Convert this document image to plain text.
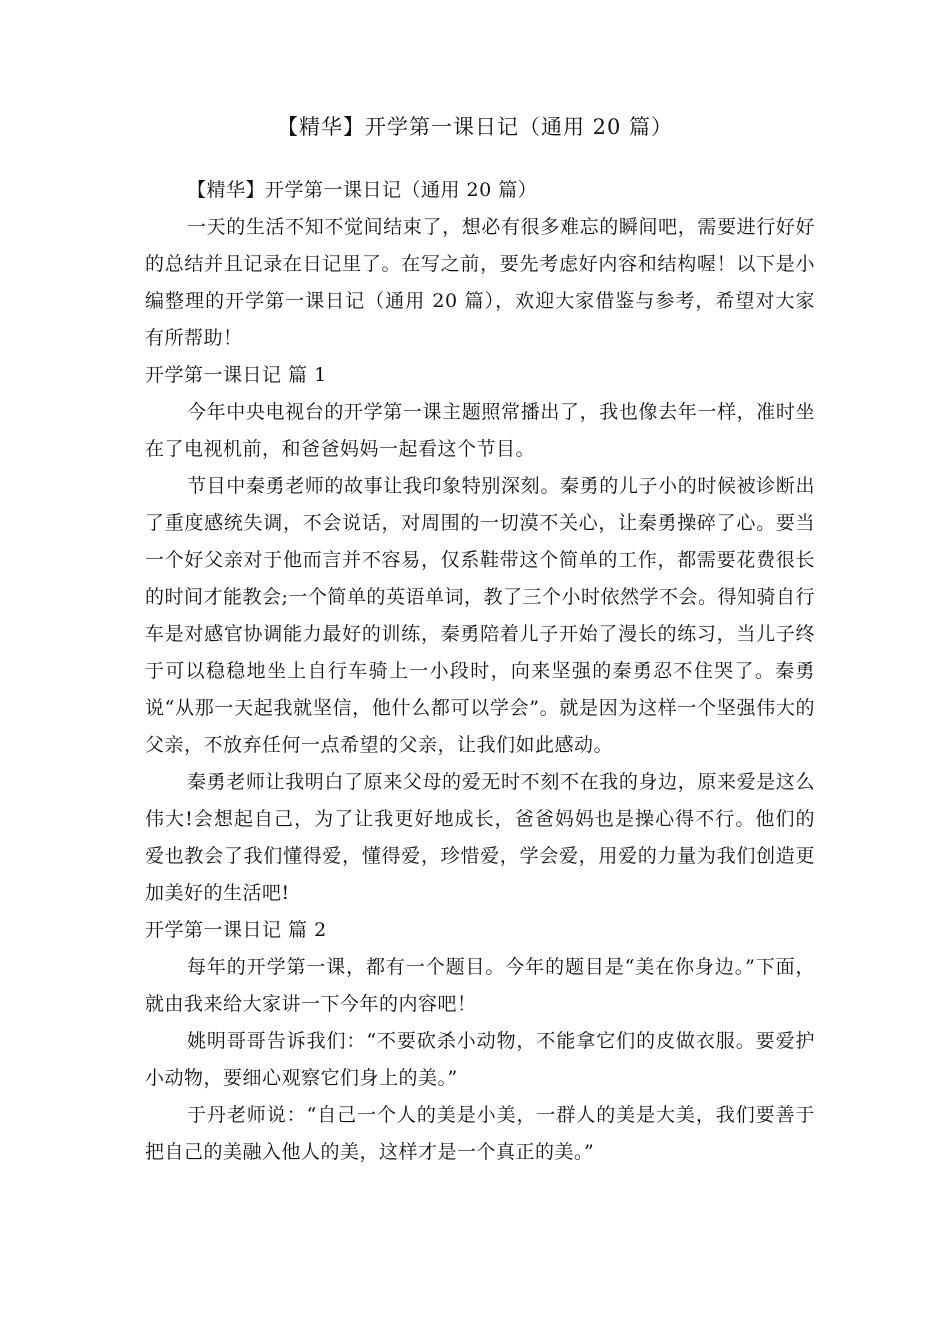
【精华】开学第一课日记（通用 20 篇）

【精华】开学第一课日记（通用 20 篇）

一天的生活不知不觉间结束了，想必有很多难忘的瞬间吧，需要进行好好的总结并且记录在日记里了。在写之前，要先考虑好内容和结构喔！以下是小编整理的开学第一课日记（通用 20 篇），欢迎大家借鉴与参考，希望对大家有所帮助！

开学第一课日记 篇 1

今年中央电视台的开学第一课主题照常播出了，我也像去年一样，准时坐在了电视机前，和爸爸妈妈一起看这个节目。

节目中秦勇老师的故事让我印象特别深刻。秦勇的儿子小的时候被诊断出了重度感统失调，不会说话，对周围的一切漠不关心，让秦勇操碎了心。要当一个好父亲对于他而言并不容易，仅系鞋带这个简单的工作，都需要花费很长的时间才能教会;一个简单的英语单词，教了三个小时依然学不会。得知骑自行车是对感官协调能力最好的训练，秦勇陪着儿子开始了漫长的练习，当儿子终于可以稳稳地坐上自行车骑上一小段时，向来坚强的秦勇忍不住哭了。秦勇说“从那一天起我就坚信，他什么都可以学会”。就是因为这样一个坚强伟大的父亲，不放弃任何一点希望的父亲，让我们如此感动。

秦勇老师让我明白了原来父母的爱无时不刻不在我的身边，原来爱是这么伟大!会想起自己，为了让我更好地成长，爸爸妈妈也是操心得不行。他们的爱也教会了我们懂得爱，懂得爱，珍惜爱，学会爱，用爱的力量为我们创造更加美好的生活吧!

开学第一课日记 篇 2

每年的开学第一课，都有一个题目。今年的题目是“美在你身边。”下面，就由我来给大家讲一下今年的内容吧！

姚明哥哥告诉我们：“不要砍杀小动物，不能拿它们的皮做衣服。要爱护小动物，要细心观察它们身上的美。”

于丹老师说：“自己一个人的美是小美，一群人的美是大美，我们要善于把自己的美融入他人的美，这样才是一个真正的美。”
